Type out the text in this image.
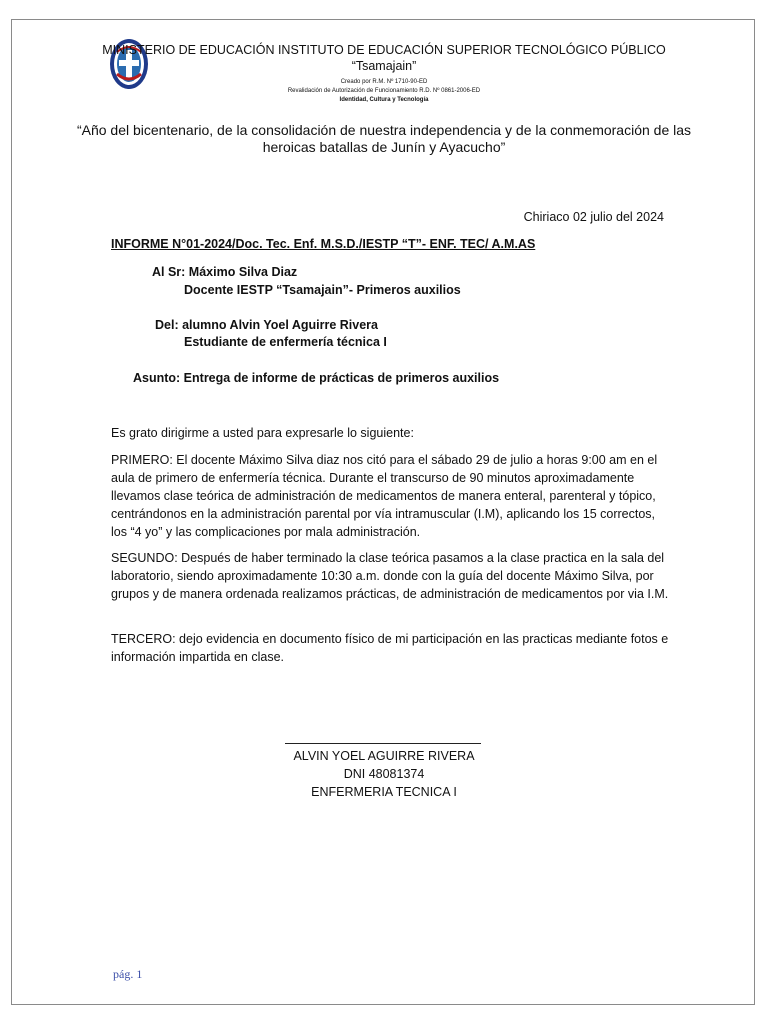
MINISTERIO DE EDUCACIÓN INSTITUTO DE EDUCACIÓN SUPERIOR TECNOLÓGICO PÚBLICO
“Tsamajain”
Creado por R.M. Nº 1710-90-ED
Revalidación de Autorización de Funcionamiento R.D. Nº 0861-2006-ED
Identidad, Cultura y Tecnología
“Año del bicentenario, de la consolidación de nuestra independencia y de la conmemoración de las heroicas batallas de Junín y Ayacucho”
Chiriaco 02 julio del 2024
INFORME N°01-2024/Doc. Tec. Enf. M.S.D./IESTP “T”- ENF. TEC/ A.M.AS
Al Sr: Máximo Silva Diaz
Docente IESTP “Tsamajain”- Primeros auxilios
Del: alumno Alvin Yoel Aguirre Rivera
Estudiante de enfermería técnica I
Asunto: Entrega de informe de prácticas de primeros auxilios
Es grato dirigirme a usted para expresarle lo siguiente:
PRIMERO: El docente Máximo Silva diaz nos citó para el sábado 29 de julio a horas 9:00 am en el aula de primero de enfermería técnica. Durante el transcurso de 90 minutos aproximadamente llevamos clase teórica de administración de medicamentos de manera enteral, parenteral y tópico, centrándonos en la administración parental por vía intramuscular (I.M), aplicando los 15 correctos, los “4 yo” y las complicaciones por mala administración.
SEGUNDO: Después de haber terminado la clase teórica pasamos a la clase practica en la sala del laboratorio, siendo aproximadamente 10:30 a.m. donde con la guía del docente Máximo Silva, por grupos y de manera ordenada realizamos prácticas, de administración de medicamentos por via I.M.
TERCERO: dejo evidencia en documento físico de mi participación en las practicas mediante fotos e información impartida en clase.
ALVIN YOEL AGUIRRE RIVERA
DNI 48081374
ENFERMERIA TECNICA I
pág. 1
